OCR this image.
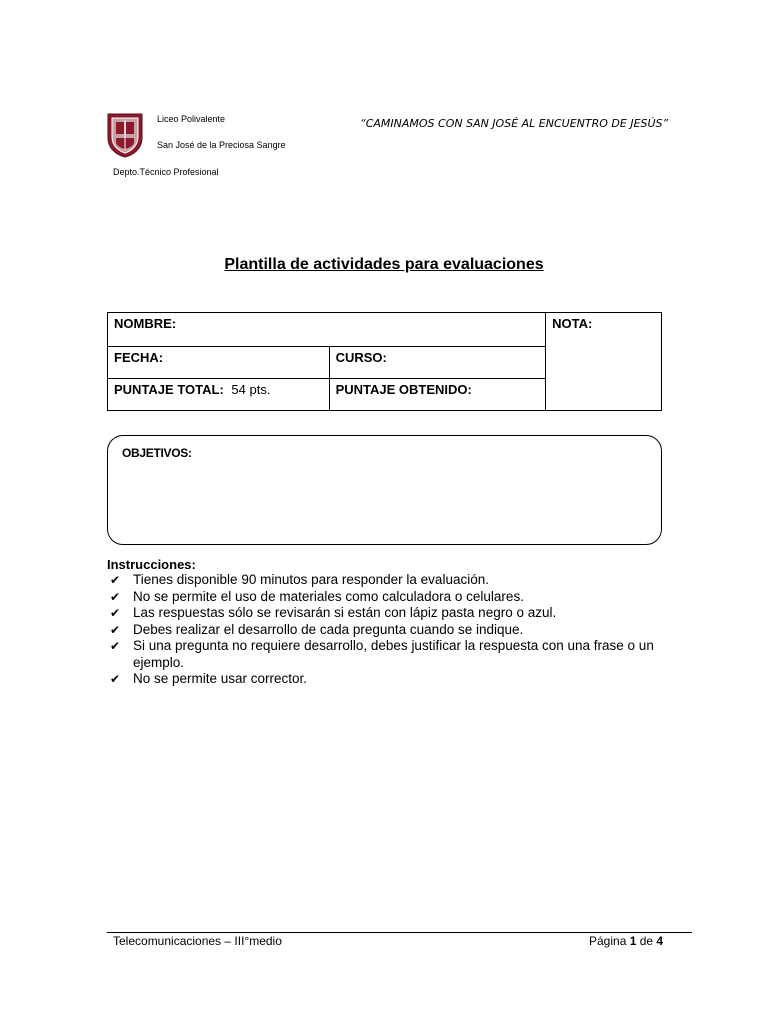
Liceo Polivalente
San José de la Preciosa Sangre
Depto.Técnico Profesional
“CAMINAMOS CON SAN JOSÉ AL ENCUENTRO DE JESÚS”
Plantilla de actividades para evaluaciones
NOMBRE:		NOTA:
FECHA:	CURSO:	
PUNTAJE TOTAL: 54 pts.	PUNTAJE OBTENIDO:	
OBJETIVOS:
Instrucciones:
✔ Tienes disponible 90 minutos para responder la evaluación.
✔ No se permite el uso de materiales como calculadora o celulares.
✔ Las respuestas sólo se revisarán si están con lápiz pasta negro o azul.
✔ Debes realizar el desarrollo de cada pregunta cuando se indique.
✔ Si una pregunta no requiere desarrollo, debes justificar la respuesta con una frase o un ejemplo.
✔ No se permite usar corrector.
Telecomunicaciones – III°medio	Página 1 de 4
